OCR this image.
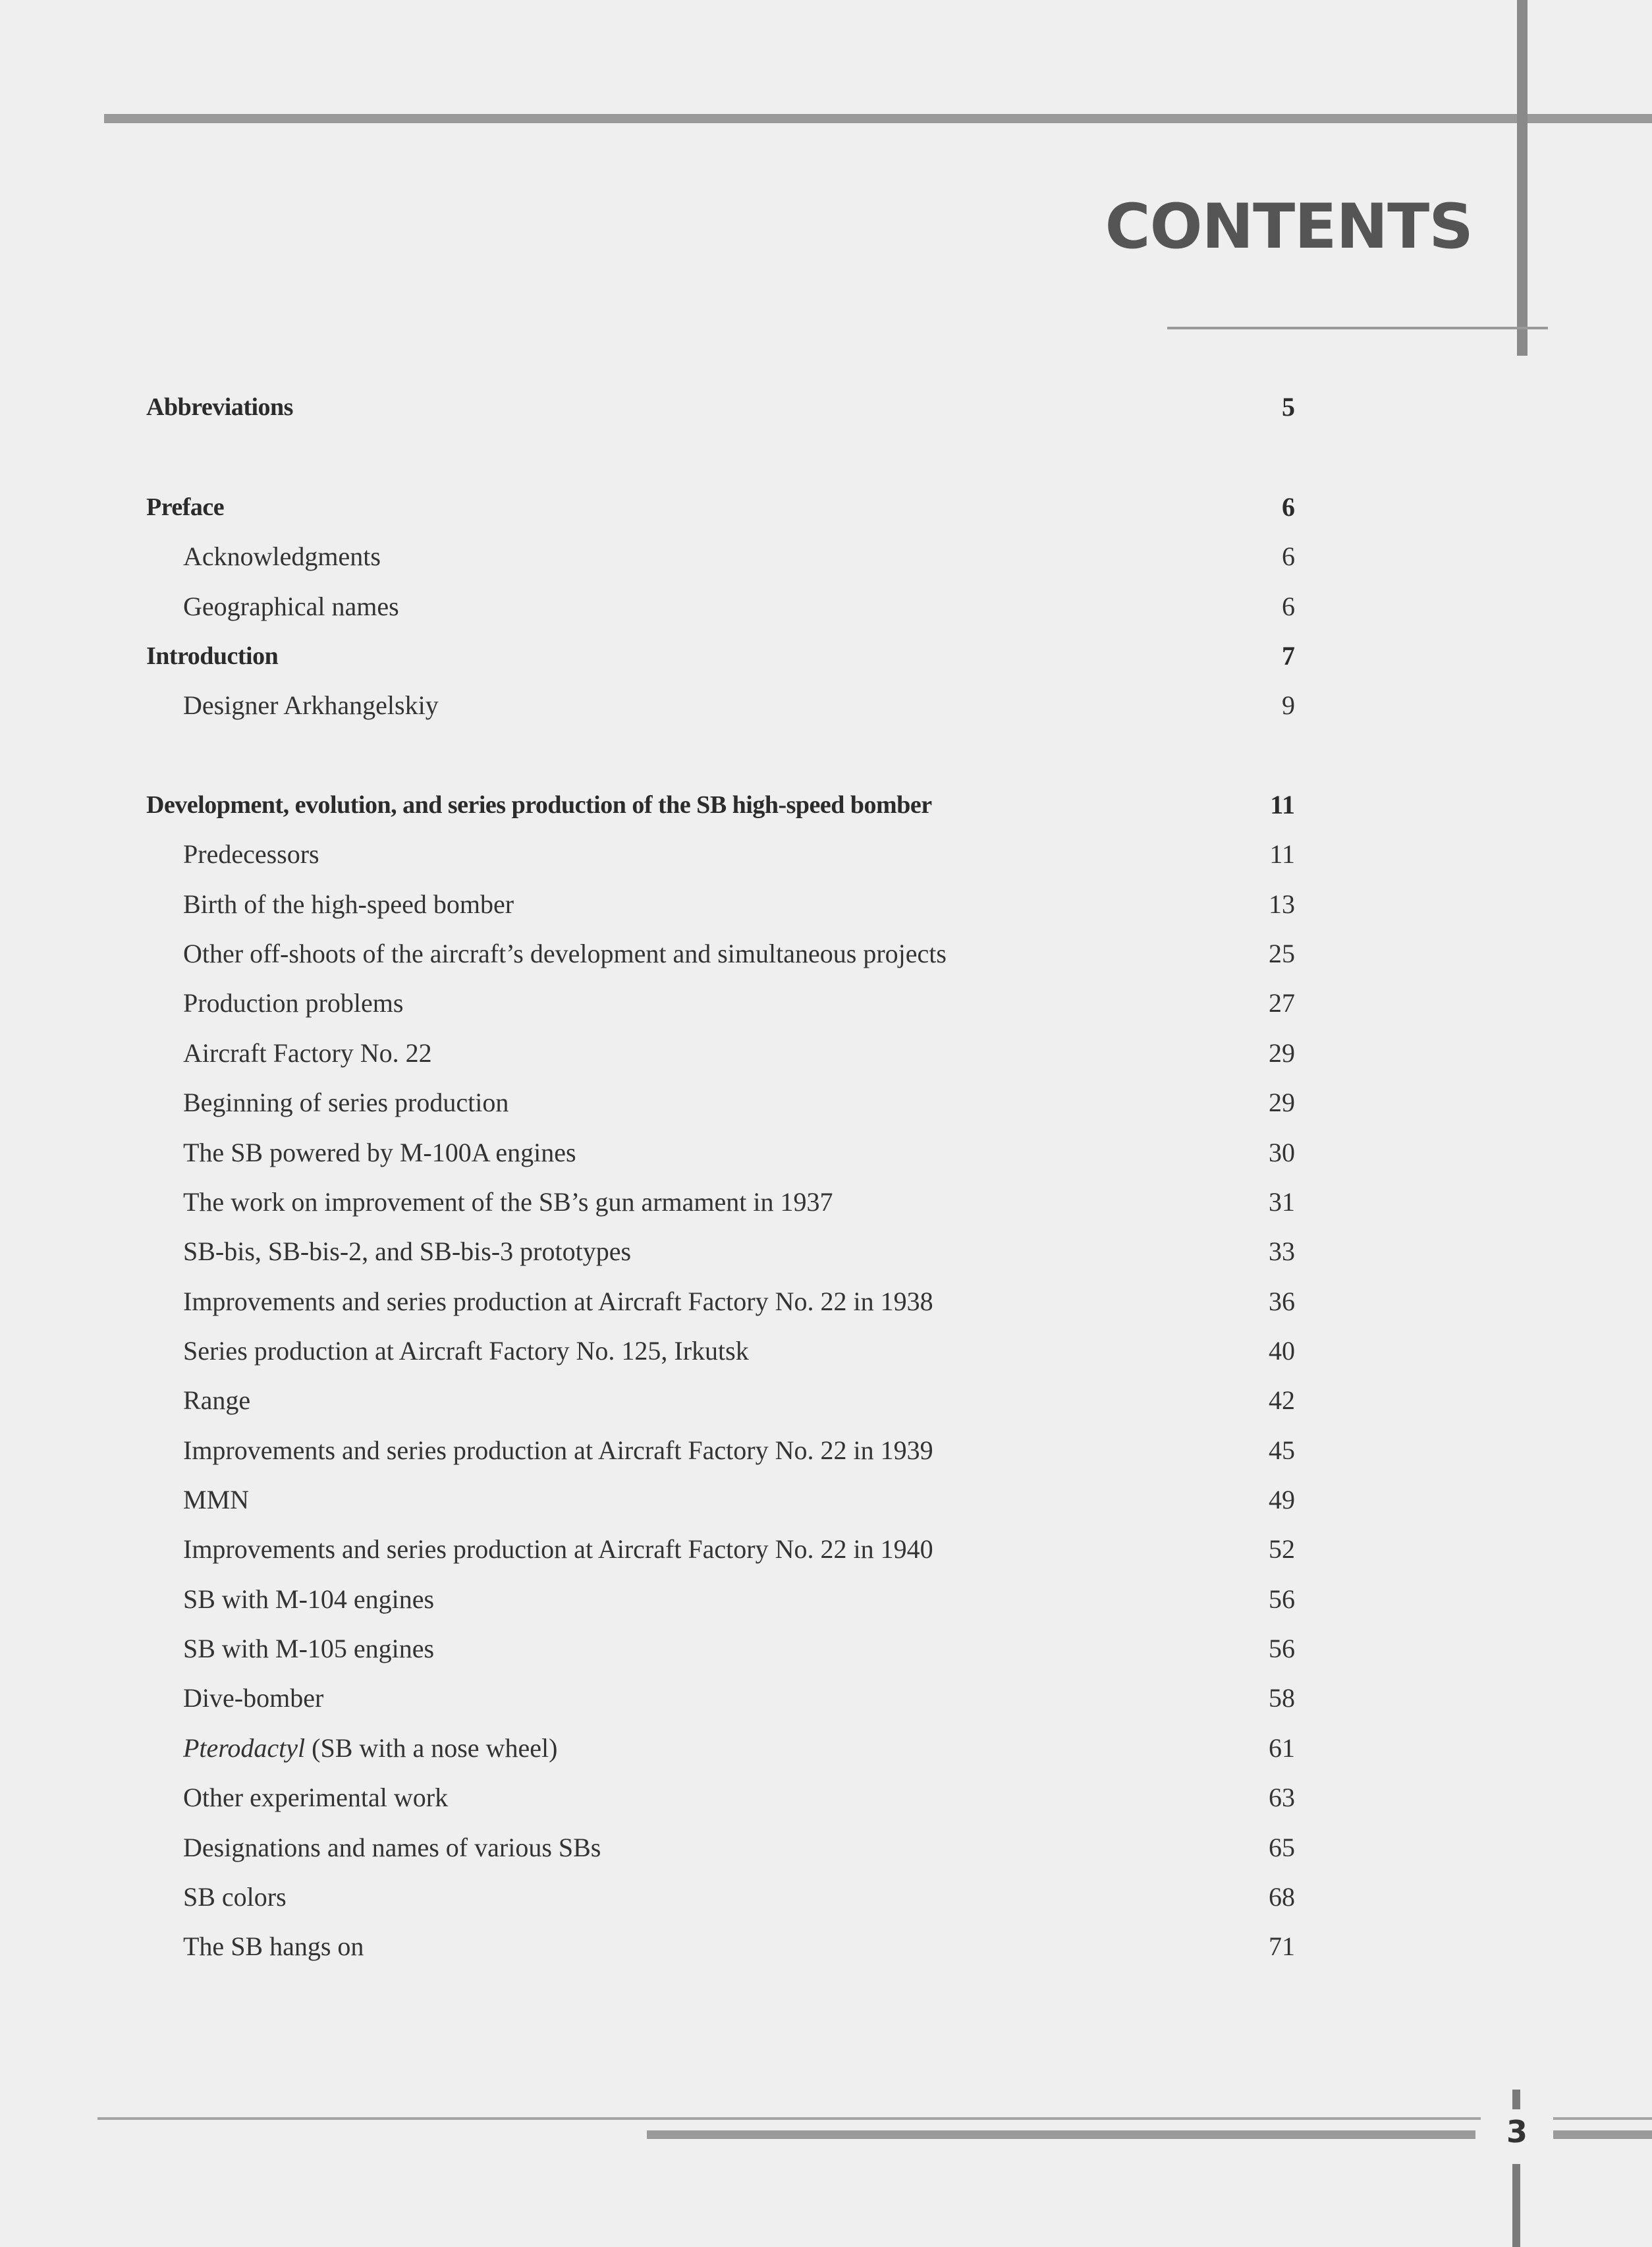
CONTENTS
Abbreviations	5
Preface	6
Acknowledgments	6
Geographical names	6
Introduction	7
Designer Arkhangelskiy	9
Development, evolution, and series production of the SB high-speed bomber	11
Predecessors	11
Birth of the high-speed bomber	13
Other off-shoots of the aircraft’s development and simultaneous projects	25
Production problems	27
Aircraft Factory No. 22	29
Beginning of series production	29
The SB powered by M-100A engines	30
The work on improvement of the SB’s gun armament in 1937	31
SB-bis, SB-bis-2, and SB-bis-3 prototypes	33
Improvements and series production at Aircraft Factory No. 22 in 1938	36
Series production at Aircraft Factory No. 125, Irkutsk	40
Range	42
Improvements and series production at Aircraft Factory No. 22 in 1939	45
MMN	49
Improvements and series production at Aircraft Factory No. 22 in 1940	52
SB with M-104 engines	56
SB with M-105 engines	56
Dive-bomber	58
Pterodactyl (SB with a nose wheel)	61
Other experimental work	63
Designations and names of various SBs	65
SB colors	68
The SB hangs on	71
3
